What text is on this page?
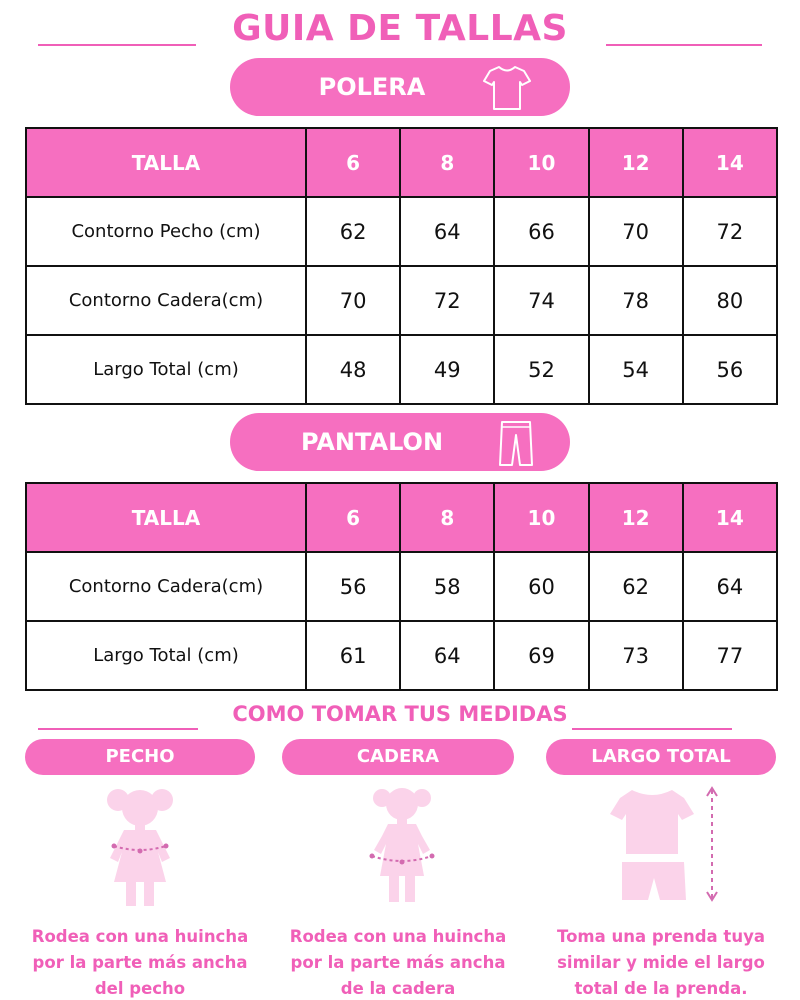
GUIA DE TALLAS
POLERA
TALLA	6	8	10	12	14
Contorno Pecho (cm)	62	64	66	70	72
Contorno Cadera(cm)	70	72	74	78	80
Largo Total (cm)	48	49	52	54	56
PANTALON
TALLA	6	8	10	12	14
Contorno Cadera(cm)	56	58	60	62	64
Largo Total (cm)	61	64	69	73	77
COMO TOMAR TUS MEDIDAS
PECHO	CADERA	LARGO TOTAL
Rodea con una huincha
por la parte más ancha
del pecho
Rodea con una huincha
por la parte más ancha
de la cadera
Toma una prenda tuya
similar y mide el largo
total de la prenda.
